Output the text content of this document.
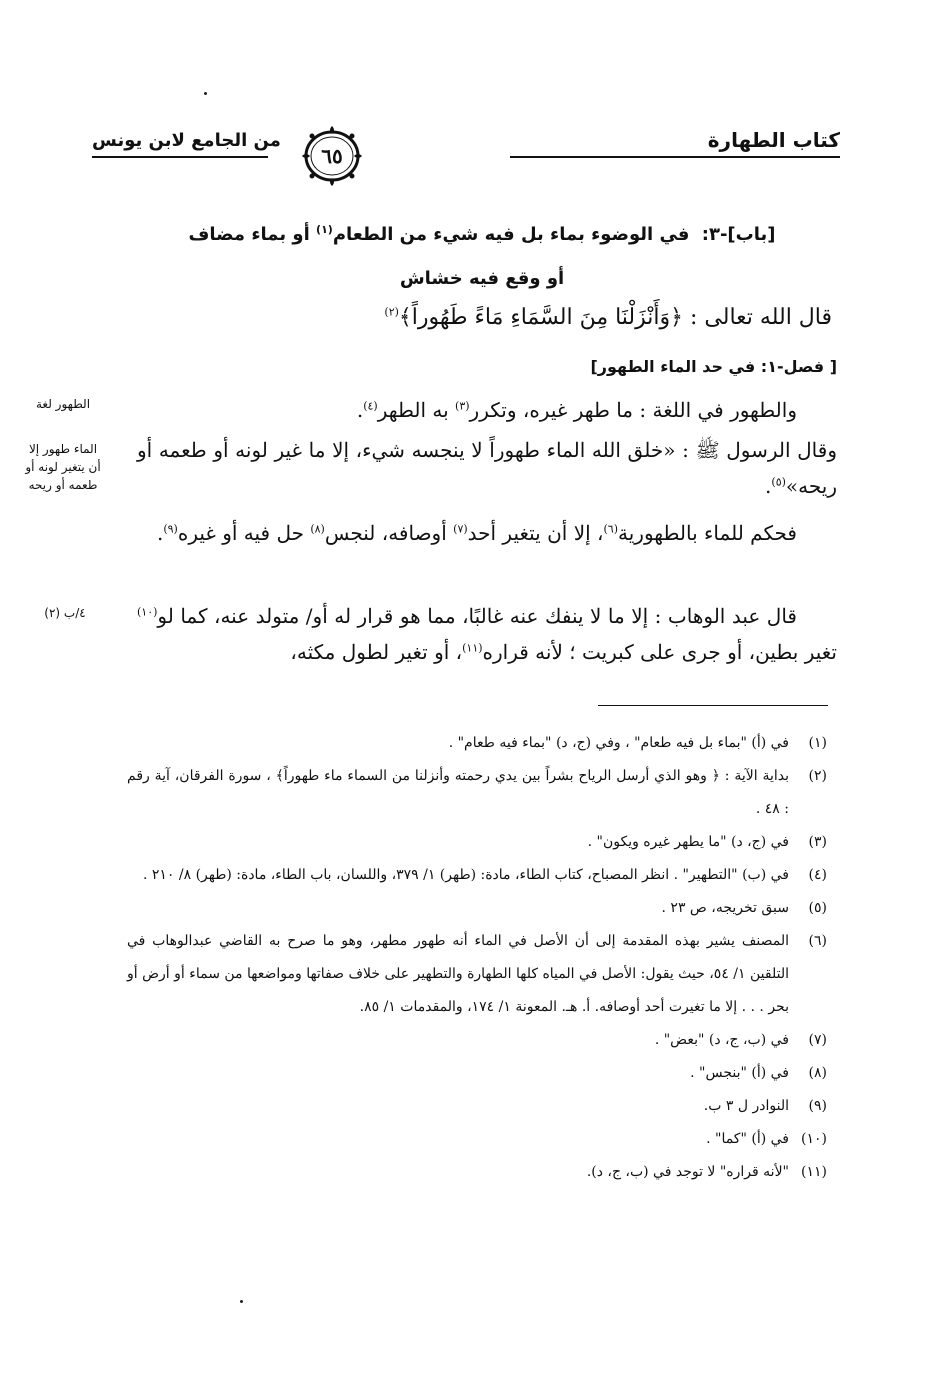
كتاب الطهارة
٦٥
من الجامع لابن يونس
[باب]-٣: في الوضوء بماء بل فيه شيء من الطعام$^{(١)}$ أو بماء مضاف
أو وقع فيه خشاش
قال الله تعالى : ﴿وَأَنْزَلْنَا مِنَ السَّمَاءِ مَاءً طَهُوراً﴾$^{(٢)}$
[ فصل-١: في حد الماء الطهور]

والطهور في اللغة : ما طهر غيره، وتكرر$^{(٣)}$ به الطهر$^{(٤)}$.

وقال الرسول ﷺ : «خلق الله الماء طهوراً لا ينجسه شيء، إلا ما غير لونه أو طعمه أو ريحه»$^{(٥)}$.

فحكم للماء بالطهورية$^{(٦)}$، إلا أن يتغير أحد$^{(٧)}$ أوصافه، لنجس$^{(٨)}$ حل فيه أو غيره$^{(٩)}$.

قال عبد الوهاب : إلا ما لا ينفك عنه غالبًا، مما هو قرار له أو/ متولد عنه، كما لو$^{(١٠)}$ تغير بطين، أو جرى على كبريت ؛ لأنه قراره$^{(١١)}$، أو تغير لطول مكثه،

الطهور لغة
الماء طهور إلا
أن يتغير لونه أو
طعمه أو ريحه
٤/ب (٢)
(١)
في (أ) "بماء بل فيه طعام" ، وفي (ج، د) "بماء فيه طعام" .
(٢)
بداية الآية : ﴿ وهو الذي أرسل الرياح بشراً بين يدي رحمته وأنزلنا من السماء ماء طهوراً﴾ ، سورة الفرقان، آية رقم : ٤٨ .
(٣)
في (ج، د) "ما يطهر غيره ويكون" .
(٤)
في (ب) "التطهير" . انظر المصباح، كتاب الطاء، مادة: (طهر) ١/ ٣٧٩، واللسان، باب الطاء، مادة: (طهر) ٨/ ٢١٠ .
(٥)
سبق تخريجه، ص ٢٣ .
(٦)
المصنف يشير بهذه المقدمة إلى أن الأصل في الماء أنه طهور مطهر، وهو ما صرح به القاضي عبدالوهاب في التلقين ١/ ٥٤، حيث يقول: الأصل في المياه كلها الطهارة والتطهير على خلاف صفاتها ومواضعها من سماء أو أرض أو بحر . . . إلا ما تغيرت أحد أوصافه. أ. هـ. المعونة ١/ ١٧٤، والمقدمات ١/ ٨٥.
(٧)
في (ب، ج، د) "بعض" .
(٨)
في (أ) "بنجس" .
(٩)
النوادر ل ٣ ب.
(١٠)
في (أ) "كما" .
(١١)
"لأنه قراره" لا توجد في (ب، ج، د).
